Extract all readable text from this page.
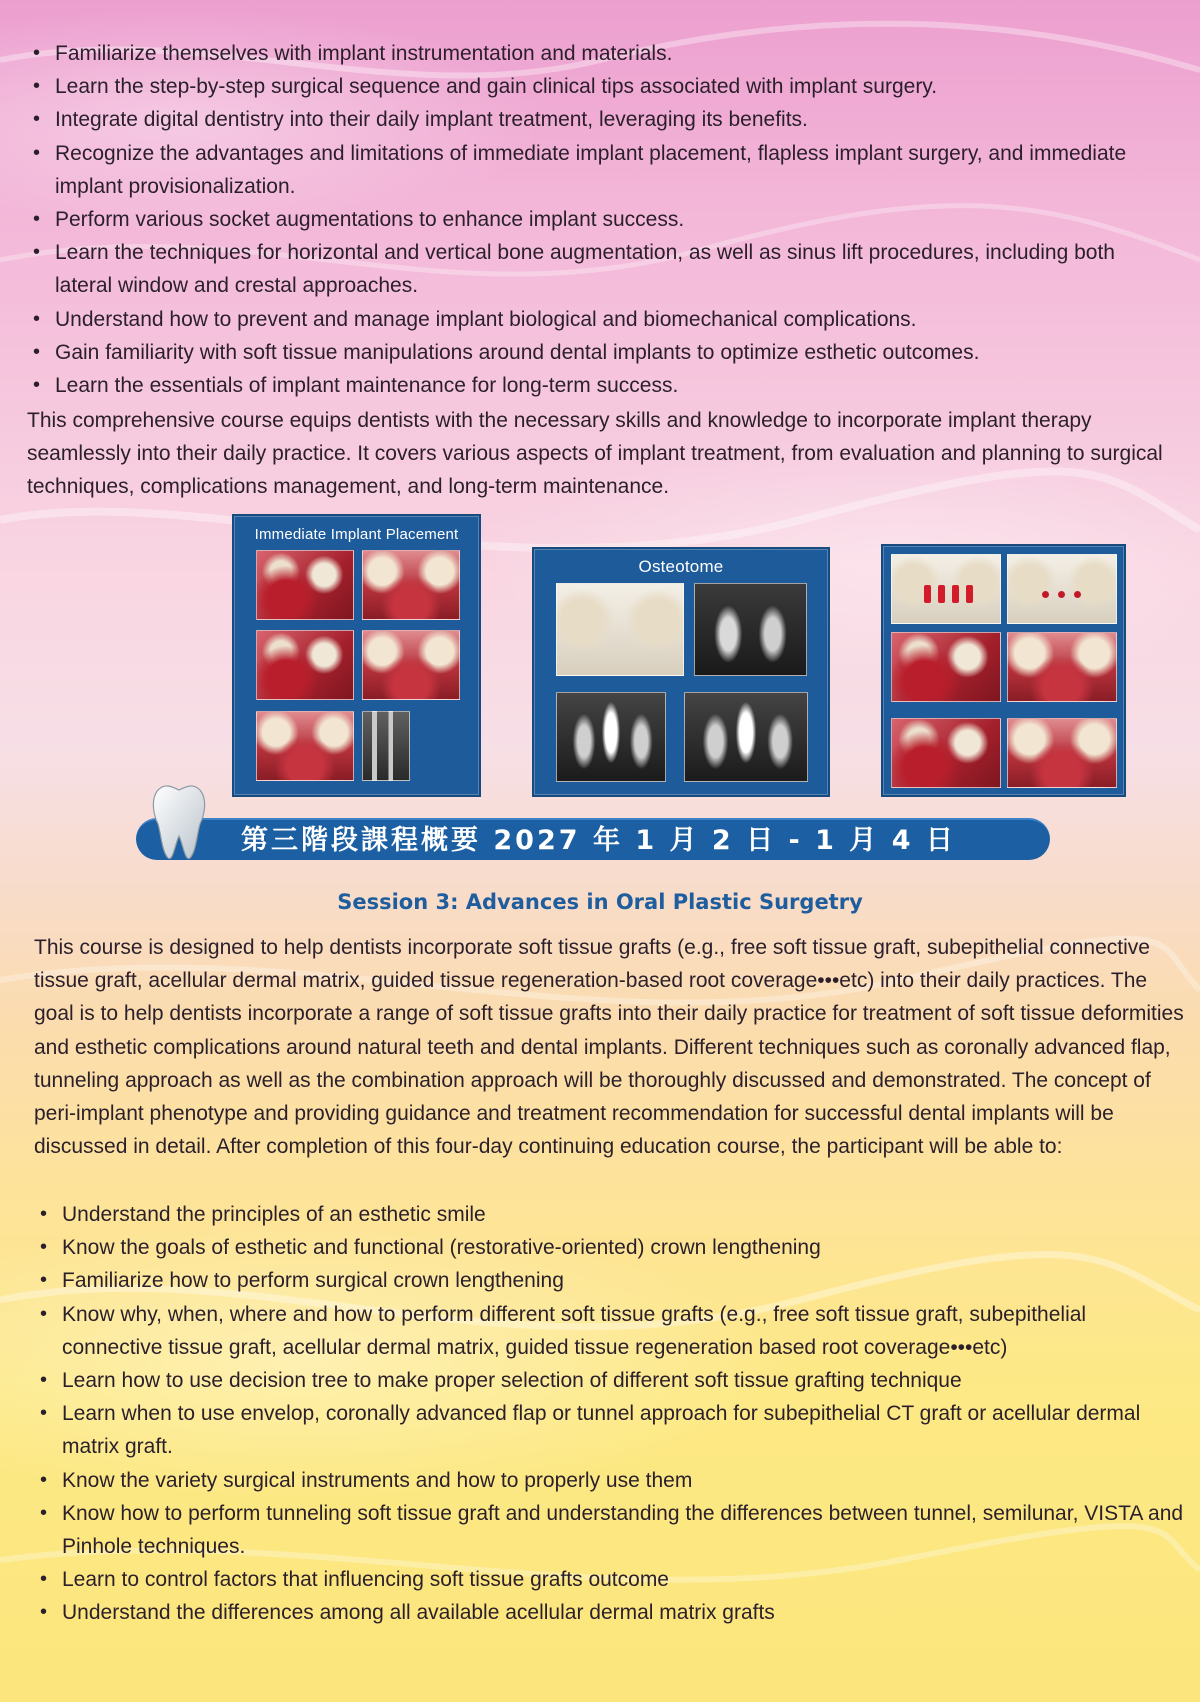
• Familiarize themselves with implant instrumentation and materials.
• Learn the step-by-step surgical sequence and gain clinical tips associated with implant surgery.
• Integrate digital dentistry into their daily implant treatment, leveraging its benefits.
• Recognize the advantages and limitations of immediate implant placement, flapless implant surgery, and immediate implant provisionalization.
• Perform various socket augmentations to enhance implant success.
• Learn the techniques for horizontal and vertical bone augmentation, as well as sinus lift procedures, including both lateral window and crestal approaches.
• Understand how to prevent and manage implant biological and biomechanical complications.
• Gain familiarity with soft tissue manipulations around dental implants to optimize esthetic outcomes.
• Learn the essentials of implant maintenance for long-term success.

This comprehensive course equips dentists with the necessary skills and knowledge to incorporate implant therapy seamlessly into their daily practice. It covers various aspects of implant treatment, from evaluation and planning to surgical techniques, complications management, and long-term maintenance.

Immediate Implant Placement
Osteotome
第三階段課程概要 2027 年 1 月 2 日 - 1 月 4 日
Session 3: Advances in Oral Plastic Surgetry

This course is designed to help dentists incorporate soft tissue grafts (e.g., free soft tissue graft, subepithelial connective tissue graft, acellular dermal matrix, guided tissue regeneration-based root coverage•••etc) into their daily practices. The goal is to help dentists incorporate a range of soft tissue grafts into their daily practice for treatment of soft tissue deformities and esthetic complications around natural teeth and dental implants. Different techniques such as coronally advanced flap, tunneling approach as well as the combination approach will be thoroughly discussed and demonstrated. The concept of peri-implant phenotype and providing guidance and treatment recommendation for successful dental implants will be discussed in detail. After completion of this four-day continuing education course, the participant will be able to:

• Understand the principles of an esthetic smile
• Know the goals of esthetic and functional (restorative-oriented) crown lengthening
• Familiarize how to perform surgical crown lengthening
• Know why, when, where and how to perform different soft tissue grafts (e.g., free soft tissue graft, subepithelial connective tissue graft, acellular dermal matrix, guided tissue regeneration based root coverage•••etc)
• Learn how to use decision tree to make proper selection of different soft tissue grafting technique
• Learn when to use envelop, coronally advanced flap or tunnel approach for subepithelial CT graft or acellular dermal matrix graft.
• Know the variety surgical instruments and how to properly use them
• Know how to perform tunneling soft tissue graft and understanding the differences between tunnel, semilunar, VISTA and Pinhole techniques.
• Learn to control factors that influencing soft tissue grafts outcome
• Understand the differences among all available acellular dermal matrix grafts
